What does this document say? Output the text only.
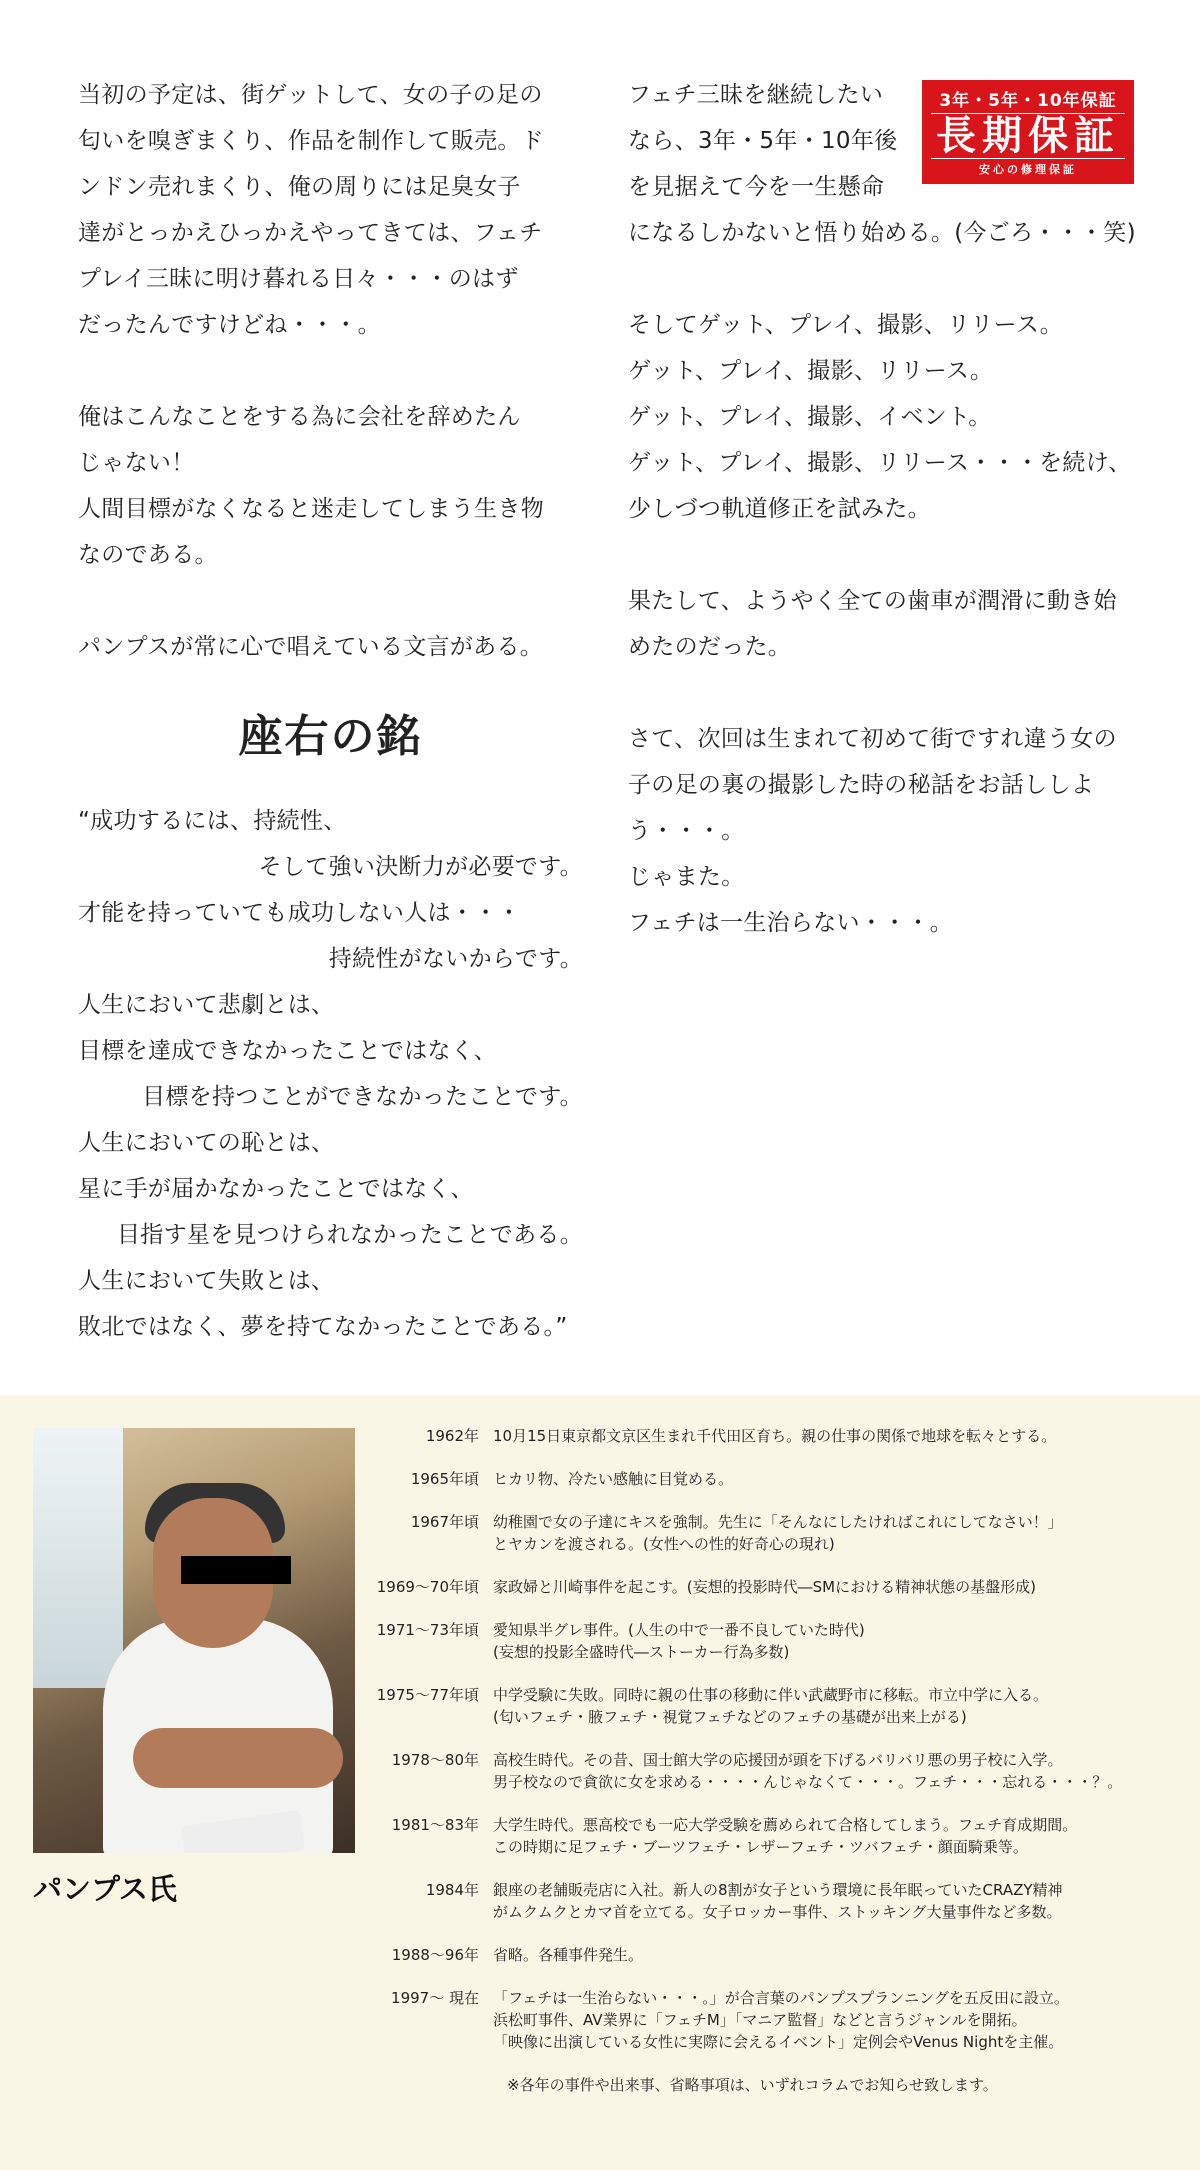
当初の予定は、街ゲットして、女の子の足の
匂いを嗅ぎまくり、作品を制作して販売。ド
ンドン売れまくり、俺の周りには足臭女子
達がとっかえひっかえやってきては、フェチ
プレイ三昧に明け暮れる日々・・・のはず
だったんですけどね・・・。
俺はこんなことをする為に会社を辞めたん
じゃない！
人間目標がなくなると迷走してしまう生き物
なのである。
パンプスが常に心で唱えている文言がある。
座右の銘
“成功するには、持続性、
そして強い決断力が必要です。
才能を持っていても成功しない人は・・・
持続性がないからです。
人生において悲劇とは、
目標を達成できなかったことではなく、
目標を持つことができなかったことです。
人生においての恥とは、
星に手が届かなかったことではなく、
目指す星を見つけられなかったことである。
人生において失敗とは、
敗北ではなく、夢を持てなかったことである。”
フェチ三昧を継続したい
なら、3年・5年・10年後
を見据えて今を一生懸命
になるしかないと悟り始める。(今ごろ・・・笑)
そしてゲット、プレイ、撮影、リリース。
ゲット、プレイ、撮影、リリース。
ゲット、プレイ、撮影、イベント。
ゲット、プレイ、撮影、リリース・・・を続け、
少しづつ軌道修正を試みた。
果たして、ようやく全ての歯車が潤滑に動き始
めたのだった。
さて、次回は生まれて初めて街ですれ違う女の
子の足の裏の撮影した時の秘話をお話ししよ
う・・・。
じゃまた。
フェチは一生治らない・・・。
3年・5年・10年保証
長期保証
安心の修理保証
パンプス氏
1962年 10月15日東京都文京区生まれ千代田区育ち。親の仕事の関係で地球を転々とする。
1965年頃 ヒカリ物、冷たい感触に目覚める。
1967年頃 幼稚園で女の子達にキスを強制。先生に「そんなにしたければこれにしてなさい！」
とヤカンを渡される。(女性への性的好奇心の現れ)
1969～70年頃 家政婦と川崎事件を起こす。(妄想的投影時代―SMにおける精神状態の基盤形成)
1971～73年頃 愛知県半グレ事件。(人生の中で一番不良していた時代)
(妄想的投影全盛時代―ストーカー行為多数)
1975～77年頃 中学受験に失敗。同時に親の仕事の移動に伴い武蔵野市に移転。市立中学に入る。
(匂いフェチ・腋フェチ・視覚フェチなどのフェチの基礎が出来上がる)
1978～80年 高校生時代。その昔、国士館大学の応援団が頭を下げるバリバリ悪の男子校に入学。
男子校なので貪欲に女を求める・・・・んじゃなくて・・・。フェチ・・・忘れる・・・？。
1981～83年 大学生時代。悪高校でも一応大学受験を薦められて合格してしまう。フェチ育成期間。
この時期に足フェチ・ブーツフェチ・レザーフェチ・ツバフェチ・顔面騎乗等。
1984年 銀座の老舗販売店に入社。新人の8割が女子という環境に長年眠っていたCRAZY精神
がムクムクとカマ首を立てる。女子ロッカー事件、ストッキング大量事件など多数。
1988～96年 省略。各種事件発生。
1997～ 現在 「フェチは一生治らない・・・。」が合言葉のパンプスプランニングを五反田に設立。
浜松町事件、AV業界に「フェチM」「マニア監督」などと言うジャンルを開拓。
「映像に出演している女性に実際に会えるイベント」定例会やVenus Nightを主催。
※各年の事件や出来事、省略事項は、いずれコラムでお知らせ致します。
